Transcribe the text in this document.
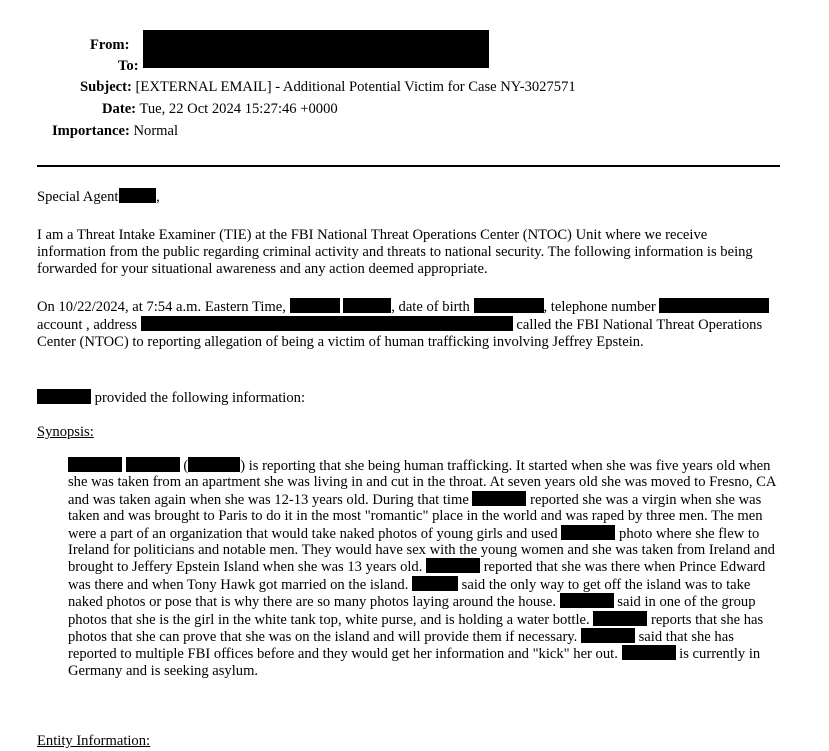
From:
To:
Subject: [EXTERNAL EMAIL] - Additional Potential Victim for Case NY-3027571
Date: Tue, 22 Oct 2024 15:27:46 +0000
Importance: Normal

Special Agent	,

I am a Threat Intake Examiner (TIE) at the FBI National Threat Operations Center (NTOC) Unit where we receive information from the public regarding criminal activity and threats to national security. The following information is being forwarded for your situational awareness and any action deemed appropriate.

On 10/22/2024, at 7:54 a.m. Eastern Time,	, date of birth	, telephone number  account , address	called the FBI National Threat Operations Center (NTOC) to reporting allegation of being a victim of human trafficking involving Jeffrey Epstein.

provided the following information:

Synopsis:

(	) is reporting that she being human trafficking. It started when she was five years old when she was taken from an apartment she was living in and cut in the throat. At seven years old she was moved to Fresno, CA and was taken again when she was 12-13 years old. During that time	reported she was a virgin when she was taken and was brought to Paris to do it in the most "romantic" place in the world and was raped by three men. The men were a part of an organization that would take naked photos of young girls and used	photo where she flew to Ireland for politicians and notable men. They would have sex with the young women and she was taken from Ireland and brought to Jeffery Epstein Island when she was 13 years old.	reported that she was there when Prince Edward was there and when Tony Hawk got married on the island.	said the only way to get off the island was to take naked photos or pose that is why there are so many photos laying around the house.	said in one of the group photos that she is the girl in the white tank top, white purse, and is holding a water bottle.	reports that she has photos that she can prove that she was on the island and will provide them if necessary.	said that she has reported to multiple FBI offices before and they would get her information and "kick" her out.	is currently in Germany and is seeking asylum.

Entity Information:
